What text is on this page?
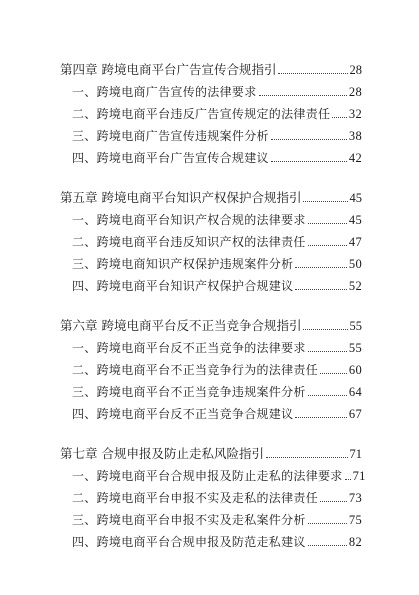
第四章 跨境电商平台广告宣传合规指引	28
一、跨境电商广告宣传的法律要求	28
二、跨境电商平台违反广告宣传规定的法律责任 32
三、跨境电商广告宣传违规案件分析	38
四、跨境电商平台广告宣传合规建议	42
第五章 跨境电商平台知识产权保护合规指引	45
一、跨境电商平台知识产权合规的法律要求	45
二、跨境电商平台违反知识产权的法律责任	47
三、跨境电商知识产权保护违规案件分析	50
四、跨境电商平台知识产权保护合规建议	52
第六章 跨境电商平台反不正当竞争合规指引	55
一、跨境电商平台反不正当竞争的法律要求	55
二、跨境电商平台不正当竞争行为的法律责任 60
三、跨境电商平台不正当竞争违规案件分析	64
四、跨境电商平台反不正当竞争合规建议	67
第七章 合规申报及防止走私风险指引	71
一、跨境电商平台合规申报及防止走私的法律要求 71
二、跨境电商平台申报不实及走私的法律责任 73
三、跨境电商平台申报不实及走私案件分析	75
四、跨境电商平台合规申报及防范走私建议	82
